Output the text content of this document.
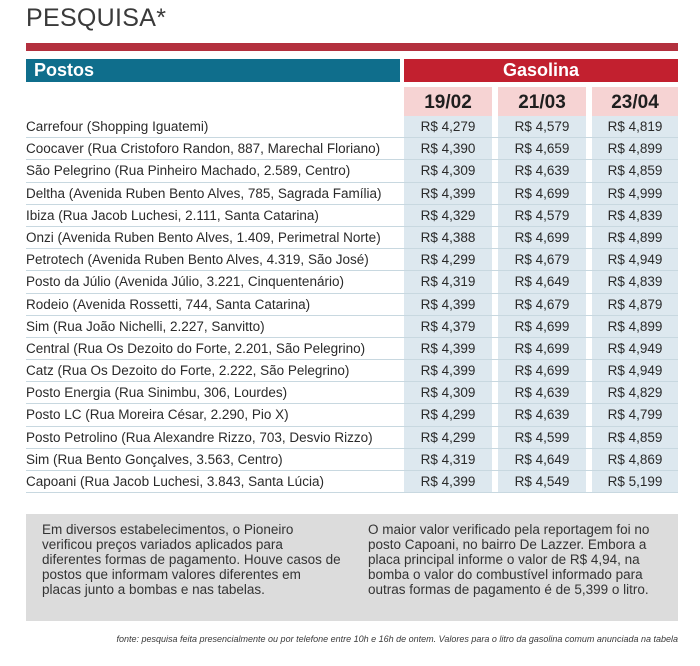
PESQUISA*
Postos	Gasolina
19/02	21/03	23/04
Carrefour (Shopping Iguatemi)	R$ 4,279	R$ 4,579	R$ 4,819
Coocaver (Rua Cristoforo Randon, 887, Marechal Floriano)	R$ 4,390	R$ 4,659	R$ 4,899
São Pelegrino (Rua Pinheiro Machado, 2.589, Centro)	R$ 4,309	R$ 4,639	R$ 4,859
Deltha (Avenida Ruben Bento Alves, 785, Sagrada Família)	R$ 4,399	R$ 4,699	R$ 4,999
Ibiza (Rua Jacob Luchesi, 2.111, Santa Catarina)	R$ 4,329	R$ 4,579	R$ 4,839
Onzi (Avenida Ruben Bento Alves, 1.409, Perimetral Norte)	R$ 4,388	R$ 4,699	R$ 4,899
Petrotech (Avenida Ruben Bento Alves, 4.319, São José)	R$ 4,299	R$ 4,679	R$ 4,949
Posto da Júlio (Avenida Júlio, 3.221, Cinquentenário)	R$ 4,319	R$ 4,649	R$ 4,839
Rodeio (Avenida Rossetti, 744, Santa Catarina)	R$ 4,399	R$ 4,679	R$ 4,879
Sim (Rua João Nichelli, 2.227, Sanvitto)	R$ 4,379	R$ 4,699	R$ 4,899
Central (Rua Os Dezoito do Forte, 2.201, São Pelegrino)	R$ 4,399	R$ 4,699	R$ 4,949
Catz (Rua Os Dezoito do Forte, 2.222, São Pelegrino)	R$ 4,399	R$ 4,699	R$ 4,949
Posto Energia (Rua Sinimbu, 306, Lourdes)	R$ 4,309	R$ 4,639	R$ 4,829
Posto LC (Rua Moreira César, 2.290, Pio X)	R$ 4,299	R$ 4,639	R$ 4,799
Posto Petrolino (Rua Alexandre Rizzo, 703, Desvio Rizzo)	R$ 4,299	R$ 4,599	R$ 4,859
Sim (Rua Bento Gonçalves, 3.563, Centro)	R$ 4,319	R$ 4,649	R$ 4,869
Capoani (Rua Jacob Luchesi, 3.843, Santa Lúcia)	R$ 4,399	R$ 4,549	R$ 5,199
Em diversos estabelecimentos, o Pioneiro verificou preços variados aplicados para diferentes formas de pagamento. Houve casos de postos que informam valores diferentes em placas junto a bombas e nas tabelas.
O maior valor verificado pela reportagem foi no posto Capoani, no bairro De Lazzer. Embora a placa principal informe o valor de R$ 4,94, na bomba o valor do combustível informado para outras formas de pagamento é de 5,399 o litro.
fonte: pesquisa feita presencialmente ou por telefone entre 10h e 16h de ontem. Valores para o litro da gasolina comum anunciada na tabela
